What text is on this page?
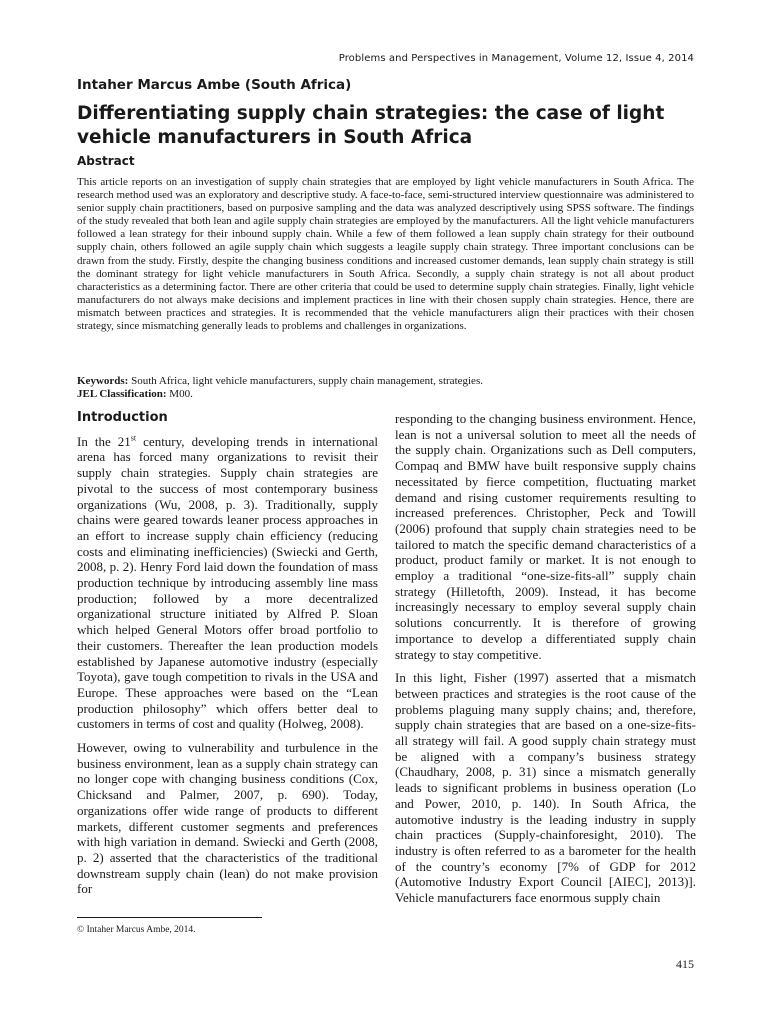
Problems and Perspectives in Management, Volume 12, Issue 4, 2014
Intaher Marcus Ambe (South Africa)
Differentiating supply chain strategies: the case of light vehicle manufacturers in South Africa
Abstract

This article reports on an investigation of supply chain strategies that are employed by light vehicle manufacturers in South Africa. The research method used was an exploratory and descriptive study. A face-to-face, semi-structured interview questionnaire was administered to senior supply chain practitioners, based on purposive sampling and the data was analyzed descriptively using SPSS software. The findings of the study revealed that both lean and agile supply chain strategies are employed by the manufacturers. All the light vehicle manufacturers followed a lean strategy for their inbound supply chain. While a few of them followed a lean supply chain strategy for their outbound supply chain, others followed an agile supply chain which suggests a leagile supply chain strategy. Three important conclusions can be drawn from the study. Firstly, despite the changing business conditions and increased customer demands, lean supply chain strategy is still the dominant strategy for light vehicle manufacturers in South Africa. Secondly, a supply chain strategy is not all about product characteristics as a determining factor. There are other criteria that could be used to determine supply chain strategies. Finally, light vehicle manufacturers do not always make decisions and implement practices in line with their chosen supply chain strategies. Hence, there are mismatch between practices and strategies. It is recommended that the vehicle manufacturers align their practices with their chosen strategy, since mismatching generally leads to problems and challenges in organizations.

Keywords: South Africa, light vehicle manufacturers, supply chain management, strategies.
JEL Classification: M00.
Introduction

In the 21st century, developing trends in international arena has forced many organizations to revisit their supply chain strategies. Supply chain strategies are pivotal to the success of most contemporary business organizations (Wu, 2008, p. 3). Traditionally, supply chains were geared towards leaner process approaches in an effort to increase supply chain efficiency (reducing costs and eliminating inefficiencies) (Swiecki and Gerth, 2008, p. 2). Henry Ford laid down the foundation of mass production technique by introducing assembly line mass production; followed by a more decentralized organizational structure initiated by Alfred P. Sloan which helped General Motors offer broad portfolio to their customers. Thereafter the lean production models established by Japanese automotive industry (especially Toyota), gave tough competition to rivals in the USA and Europe. These approaches were based on the “Lean production philosophy” which offers better deal to customers in terms of cost and quality (Holweg, 2008).

However, owing to vulnerability and turbulence in the business environment, lean as a supply chain strategy can no longer cope with changing business conditions (Cox, Chicksand and Palmer, 2007, p. 690). Today, organizations offer wide range of products to different markets, different customer segments and preferences with high variation in demand. Swiecki and Gerth (2008, p. 2) asserted that the characteristics of the traditional downstream supply chain (lean) do not make provision for

responding to the changing business environment. Hence, lean is not a universal solution to meet all the needs of the supply chain. Organizations such as Dell computers, Compaq and BMW have built responsive supply chains necessitated by fierce competition, fluctuating market demand and rising customer requirements resulting to increased preferences. Christopher, Peck and Towill (2006) profound that supply chain strategies need to be tailored to match the specific demand characteristics of a product, product family or market. It is not enough to employ a traditional “one-size-fits-all” supply chain strategy (Hilletofth, 2009). Instead, it has become increasingly necessary to employ several supply chain solutions concurrently. It is therefore of growing importance to develop a differentiated supply chain strategy to stay competitive.

In this light, Fisher (1997) asserted that a mismatch between practices and strategies is the root cause of the problems plaguing many supply chains; and, therefore, supply chain strategies that are based on a one-size-fits-all strategy will fail. A good supply chain strategy must be aligned with a company’s business strategy (Chaudhary, 2008, p. 31) since a mismatch generally leads to significant problems in business operation (Lo and Power, 2010, p. 140). In South Africa, the automotive industry is the leading industry in supply chain practices (Supply-chainforesight, 2010). The industry is often referred to as a barometer for the health of the country’s economy [7% of GDP for 2012 (Automotive Industry Export Council [AIEC], 2013)]. Vehicle manufacturers face enormous supply chain

© Intaher Marcus Ambe, 2014.
415
